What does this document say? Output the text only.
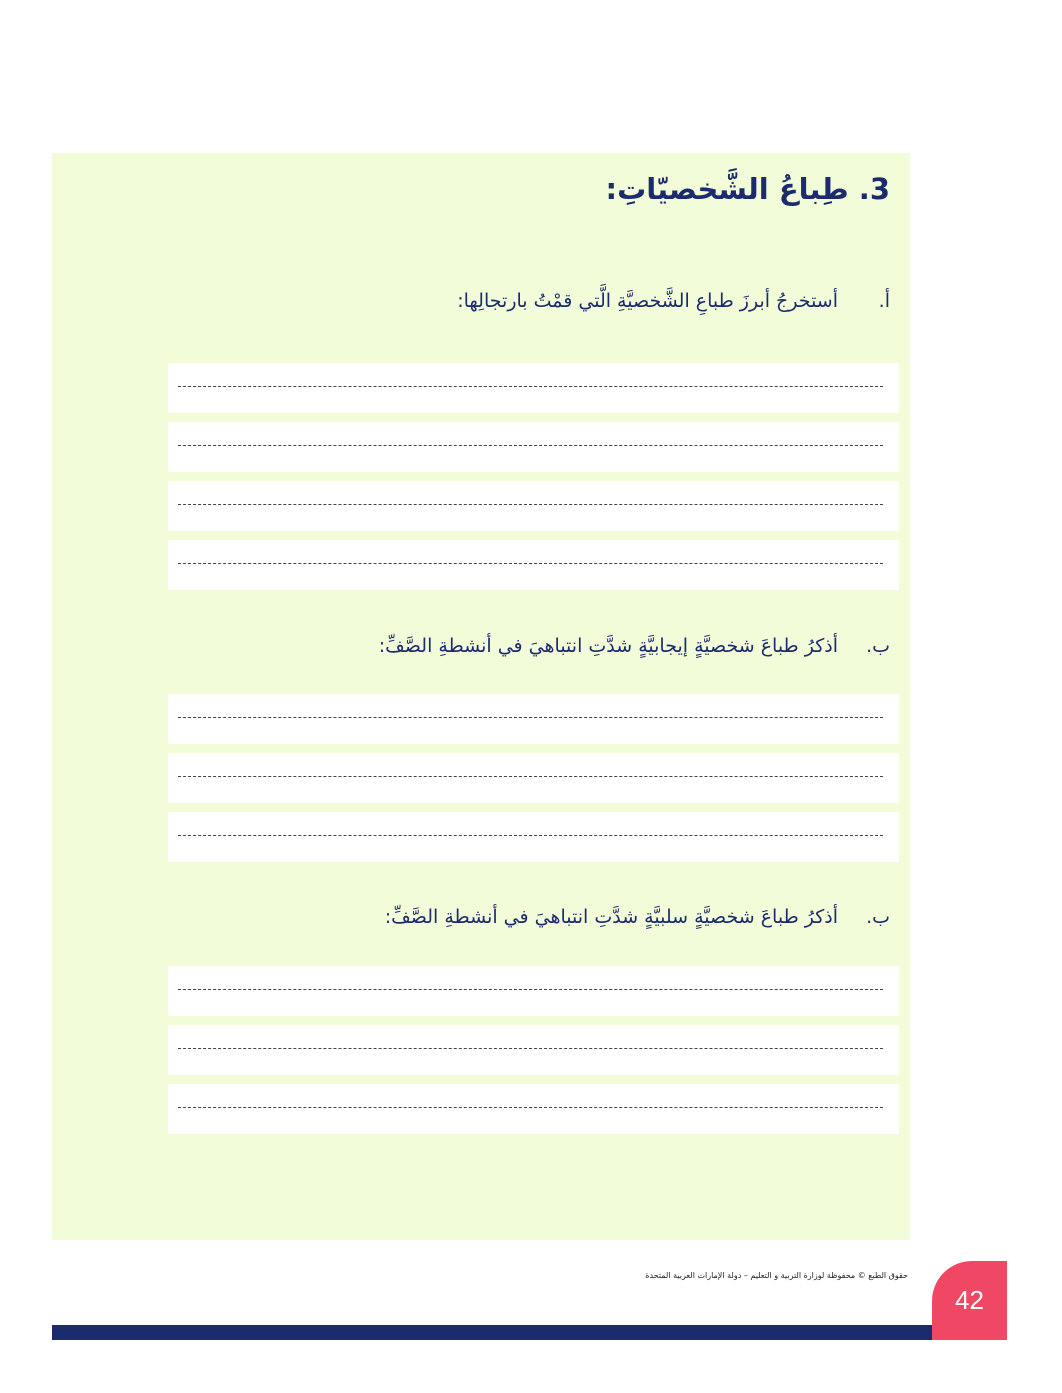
3. طِباعُ الشَّخصيّاتِ:
أ.أستخرجُ أبرزَ طباعِ الشَّخصيَّةِ الَّتي قمْتُ بارتجالِها:
ب.أذكرُ طباعَ شخصيَّةٍ إيجابيَّةٍ شدَّتِ انتباهيَ في أنشطةِ الصَّفِّ:
ب.أذكرُ طباعَ شخصيَّةٍ سلبيَّةٍ شدَّتِ انتباهيَ في أنشطةِ الصَّفِّ:
حقوق الطبع © محفوظة لوزارة التربية و التعليم – دولة الإمارات العربية المتحدة
42
